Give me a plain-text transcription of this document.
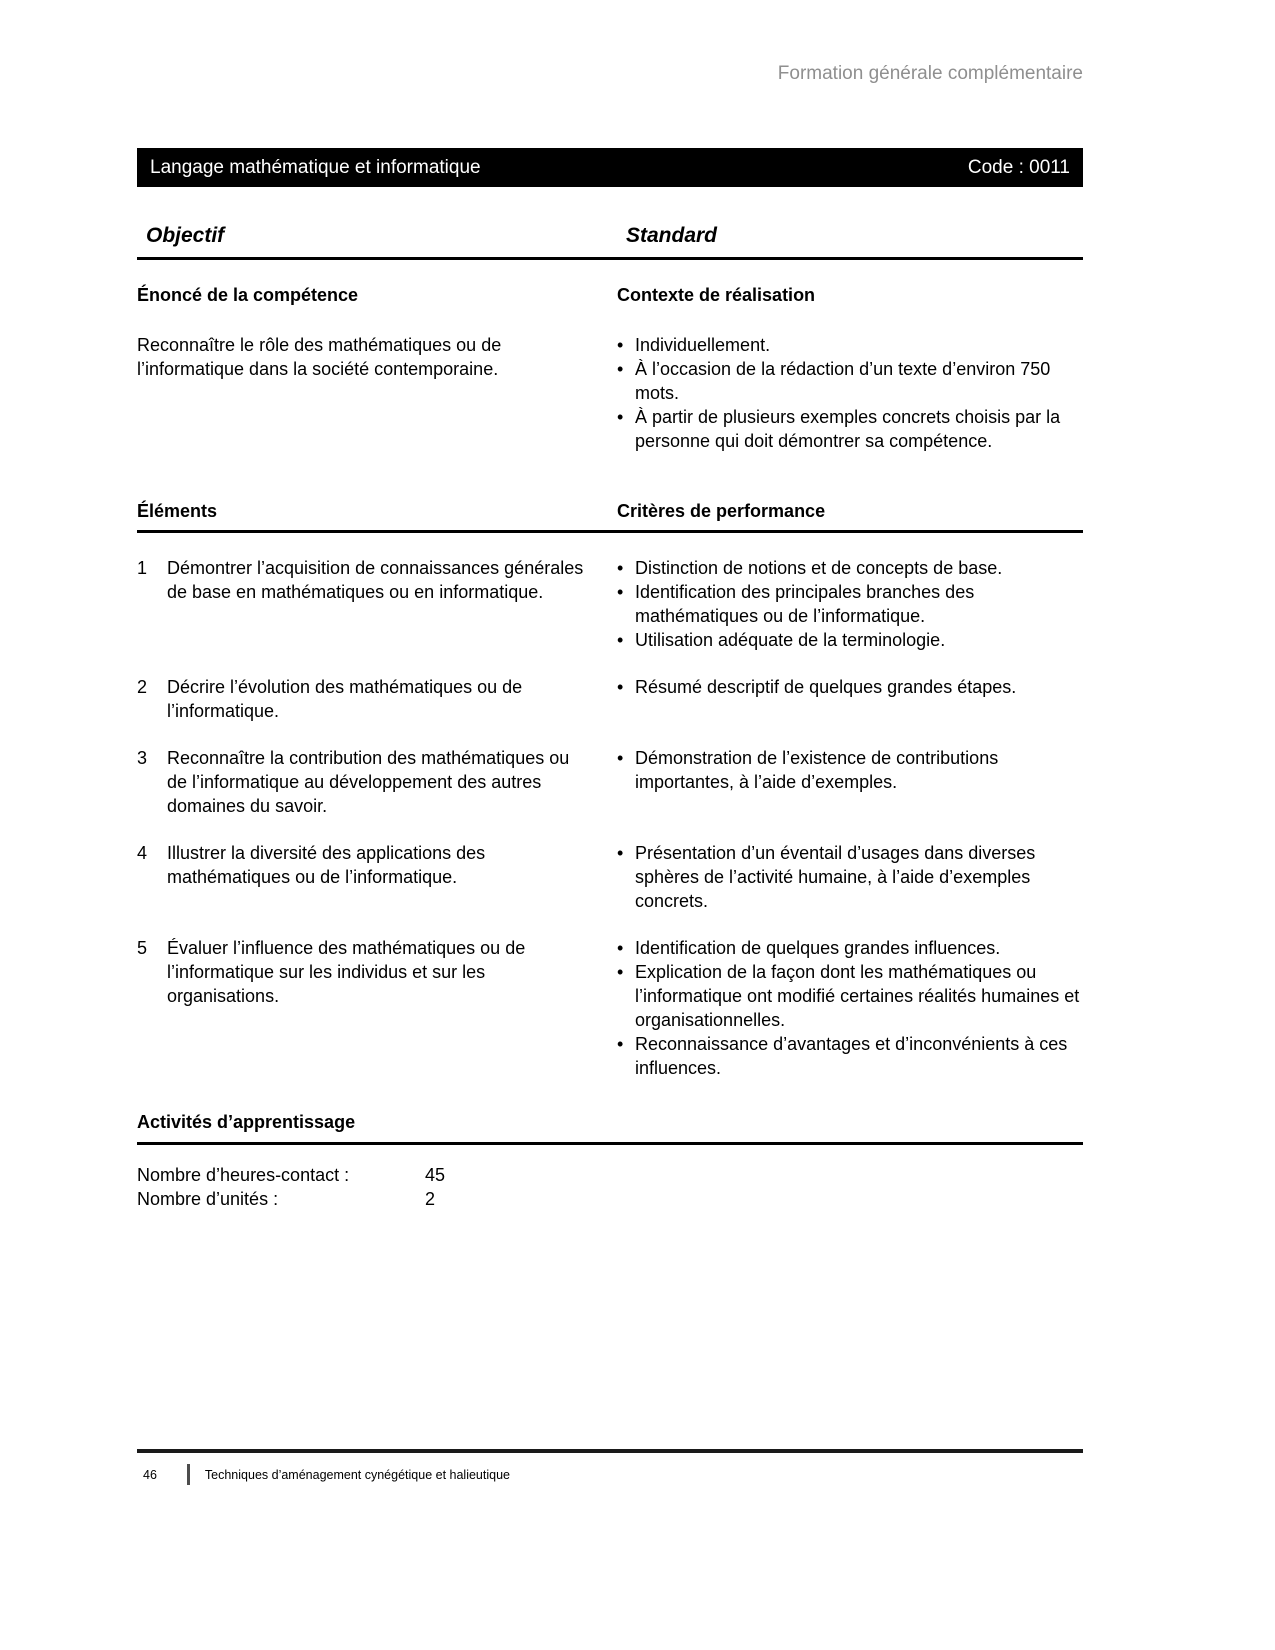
Formation générale complémentaire
Langage mathématique et informatique	Code : 0011
Objectif	Standard
Énoncé de la compétence
Reconnaître le rôle des mathématiques ou de l’informatique dans la société contemporaine.
Contexte de réalisation
• Individuellement.
• À l’occasion de la rédaction d’un texte d’environ 750 mots.
• À partir de plusieurs exemples concrets choisis par la personne qui doit démontrer sa compétence.
Éléments	Critères de performance
1	Démontrer l’acquisition de connaissances générales de base en mathématiques ou en informatique.
• Distinction de notions et de concepts de base.
• Identification des principales branches des mathématiques ou de l’informatique.
• Utilisation adéquate de la terminologie.
2	Décrire l’évolution des mathématiques ou de l’informatique.
• Résumé descriptif de quelques grandes étapes.
3	Reconnaître la contribution des mathématiques ou de l’informatique au développement des autres domaines du savoir.
• Démonstration de l’existence de contributions importantes, à l’aide d’exemples.
4	Illustrer la diversité des applications des mathématiques ou de l’informatique.
• Présentation d’un éventail d’usages dans diverses sphères de l’activité humaine, à l’aide d’exemples concrets.
5	Évaluer l’influence des mathématiques ou de l’informatique sur les individus et sur les organisations.
• Identification de quelques grandes influences.
• Explication de la façon dont les mathématiques ou l’informatique ont modifié certaines réalités humaines et organisationnelles.
• Reconnaissance d’avantages et d’inconvénients à ces influences.
Activités d’apprentissage
Nombre d’heures-contact :	45
Nombre d’unités :	2
46	Techniques d’aménagement cynégétique et halieutique
